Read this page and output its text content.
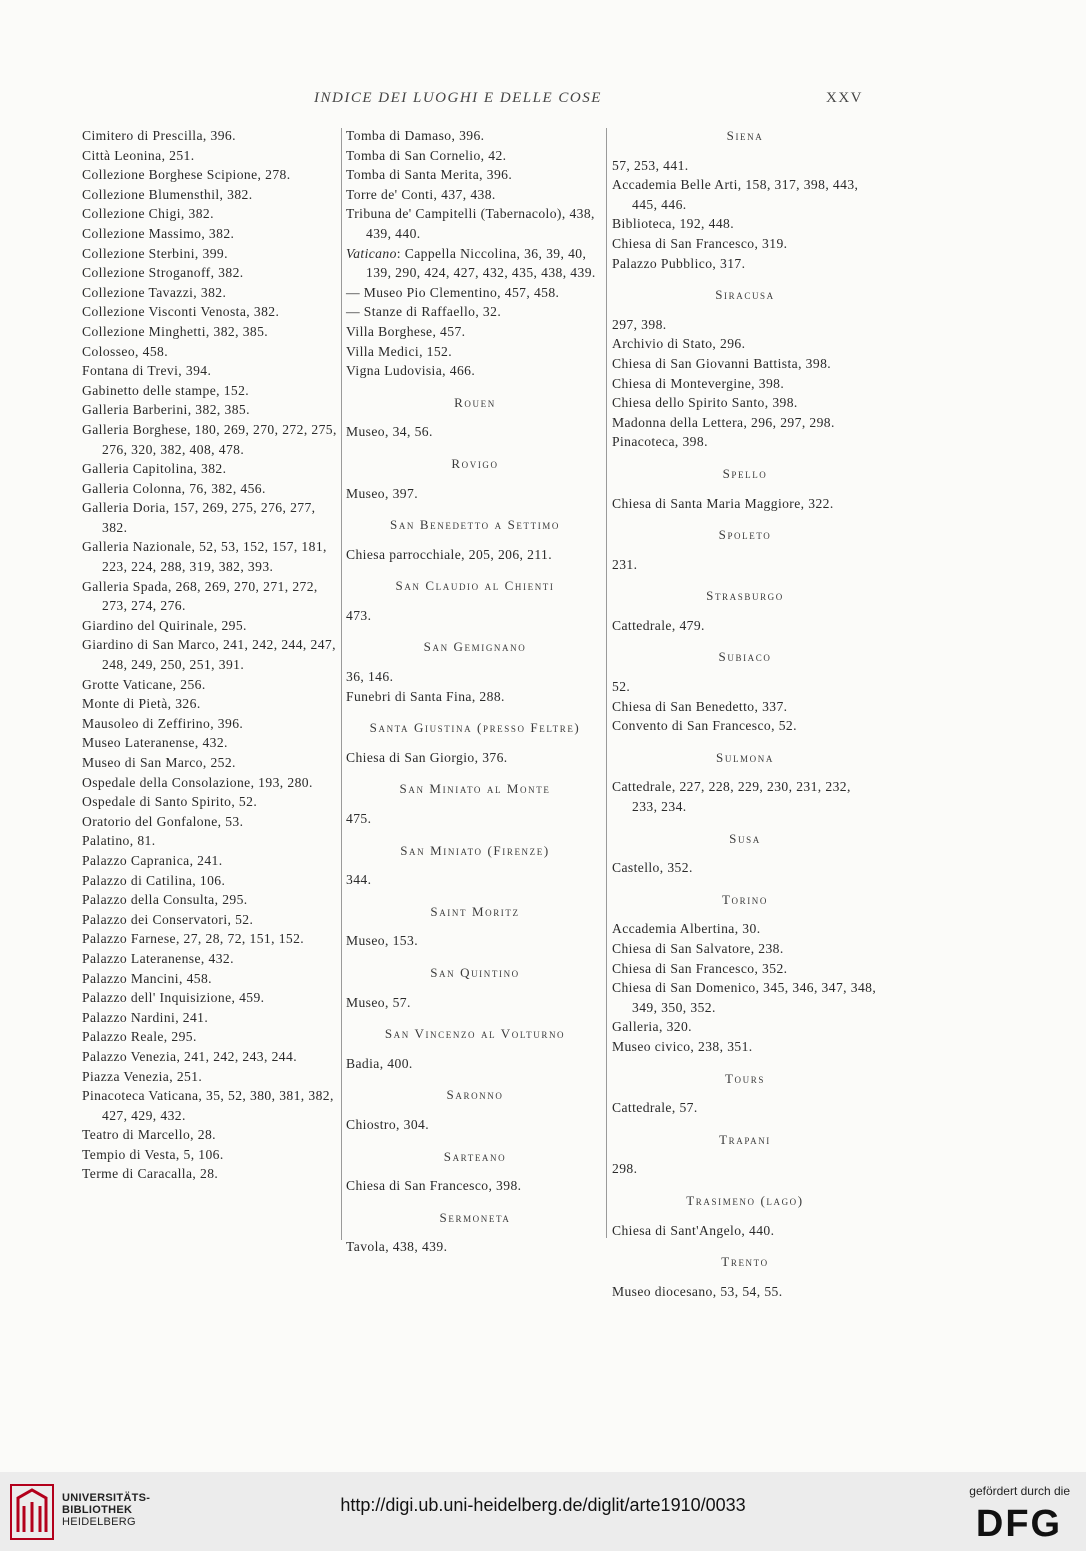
INDICE DEI LUOGHI E DELLE COSE	XXV
Cimitero di Prescilla, 396.
Città Leonina, 251.
Collezione Borghese Scipione, 278.
Collezione Blumensthil, 382.
Collezione Chigi, 382.
Collezione Massimo, 382.
Collezione Sterbini, 399.
Collezione Stroganoff, 382.
Collezione Tavazzi, 382.
Collezione Visconti Venosta, 382.
Collezione Minghetti, 382, 385.
Colosseo, 458.
Fontana di Trevi, 394.
Gabinetto delle stampe, 152.
Galleria Barberini, 382, 385.
Galleria Borghese, 180, 269, 270, 272, 275, 276, 320, 382, 408, 478.
Galleria Capitolina, 382.
Galleria Colonna, 76, 382, 456.
Galleria Doria, 157, 269, 275, 276, 277, 382.
Galleria Nazionale, 52, 53, 152, 157, 181, 223, 224, 288, 319, 382, 393.
Galleria Spada, 268, 269, 270, 271, 272, 273, 274, 276.
Giardino del Quirinale, 295.
Giardino di San Marco, 241, 242, 244, 247, 248, 249, 250, 251, 391.
Grotte Vaticane, 256.
Monte di Pietà, 326.
Mausoleo di Zeffirino, 396.
Museo Lateranense, 432.
Museo di San Marco, 252.
Ospedale della Consolazione, 193, 280.
Ospedale di Santo Spirito, 52.
Oratorio del Gonfalone, 53.
Palatino, 81.
Palazzo Capranica, 241.
Palazzo di Catilina, 106.
Palazzo della Consulta, 295.
Palazzo dei Conservatori, 52.
Palazzo Farnese, 27, 28, 72, 151, 152.
Palazzo Lateranense, 432.
Palazzo Mancini, 458.
Palazzo dell' Inquisizione, 459.
Palazzo Nardini, 241.
Palazzo Reale, 295.
Palazzo Venezia, 241, 242, 243, 244.
Piazza Venezia, 251.
Pinacoteca Vaticana, 35, 52, 380, 381, 382, 427, 429, 432.
Teatro di Marcello, 28.
Tempio di Vesta, 5, 106.
Terme di Caracalla, 28.
Tomba di Damaso, 396.
Tomba di San Cornelio, 42.
Tomba di Santa Merita, 396.
Torre de' Conti, 437, 438.
Tribuna de' Campitelli (Tabernacolo), 438, 439, 440.
Vaticano: Cappella Niccolina, 36, 39, 40, 139, 290, 424, 427, 432, 435, 438, 439.
— Museo Pio Clementino, 457, 458.
— Stanze di Raffaello, 32.
Villa Borghese, 457.
Villa Medici, 152.
Vigna Ludovisia, 466.
Rouen
Museo, 34, 56.
Rovigo
Museo, 397.
San Benedetto a Settimo
Chiesa parrocchiale, 205, 206, 211.
San Claudio al Chienti
473.
San Gemignano
36, 146.
Funebri di Santa Fina, 288.
Santa Giustina (presso Feltre)
Chiesa di San Giorgio, 376.
San Miniato al Monte
475.
San Miniato (Firenze)
344.
Saint Moritz
Museo, 153.
San Quintino
Museo, 57.
San Vincenzo al Volturno
Badia, 400.
Saronno
Chiostro, 304.
Sarteano
Chiesa di San Francesco, 398.
Sermoneta
Tavola, 438, 439.
Siena
57, 253, 441.
Accademia Belle Arti, 158, 317, 398, 443, 445, 446.
Biblioteca, 192, 448.
Chiesa di San Francesco, 319.
Palazzo Pubblico, 317.
Siracusa
297, 398.
Archivio di Stato, 296.
Chiesa di San Giovanni Battista, 398.
Chiesa di Montevergine, 398.
Chiesa dello Spirito Santo, 398.
Madonna della Lettera, 296, 297, 298.
Pinacoteca, 398.
Spello
Chiesa di Santa Maria Maggiore, 322.
Spoleto
231.
Strasburgo
Cattedrale, 479.
Subiaco
52.
Chiesa di San Benedetto, 337.
Convento di San Francesco, 52.
Sulmona
Cattedrale, 227, 228, 229, 230, 231, 232, 233, 234.
Susa
Castello, 352.
Torino
Accademia Albertina, 30.
Chiesa di San Salvatore, 238.
Chiesa di San Francesco, 352.
Chiesa di San Domenico, 345, 346, 347, 348, 349, 350, 352.
Galleria, 320.
Museo civico, 238, 351.
Tours
Cattedrale, 57.
Trapani
298.
Trasimeno (lago)
Chiesa di Sant'Angelo, 440.
Trento
Museo diocesano, 53, 54, 55.
UNIVERSITÄTS-
BIBLIOTHEK
HEIDELBERG
http://digi.ub.uni-heidelberg.de/diglit/arte1910/0033
gefördert durch die
DFG
